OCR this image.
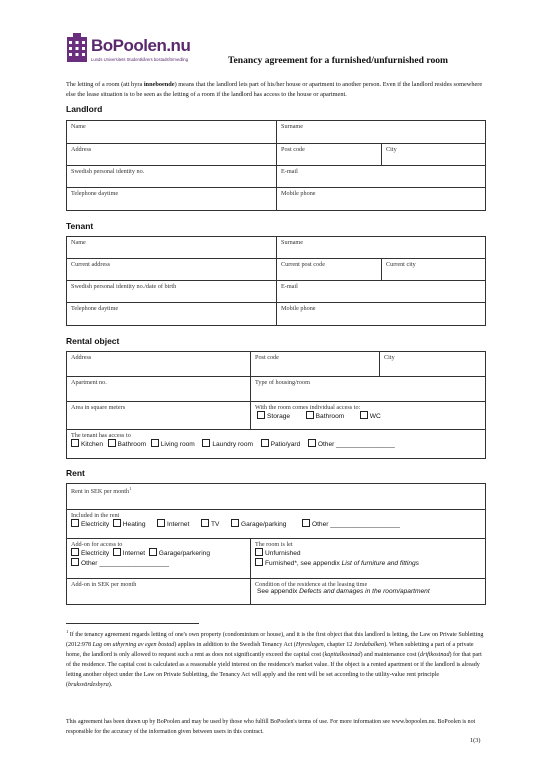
BoPoolen.nu
Lunds Universitets Studentkårers bostadsförmedling	Tenancy agreement for a furnished/unfurnished room
The letting of a room (att hyra inneboende) means that the landlord lets part of his/her house or apartment to another person. Even if the landlord resides somewhere else the lease situation is to be seen as the letting of a room if the landlord has access to the house or apartment.
Landlord
Name	Surname	
Address	Post code	City
Swedish personal identity no.	E-mail	
Telephone daytime	Mobile phone	
Tenant
Name	Surname	
Current address	Current post code	Current city
Swedish personal identity no./date of birth	E-mail	
Telephone daytime	Mobile phone	
Rental object
Address	Post code	City
Apartment no.	Type of housing/room	
Area in square meters	With the room comes individual access to:
Storage Bathroom WC	

The tenant has access to
Kitchen Bathroom Living room Laundry room Patio/yard Other ________________		
Rent
Rent in SEK per month$^1$

Included in the rent
Electricity Heating Internet TV Garage/parking Other ___________________	

Add-on for access to
Electricity Internet Garage/parkering
Other ___________________	The room is let
Unfurnished
Furnished*, see appendix List of furniture and fittings
Add-on in SEK per month	Condition of the residence at the leasing time
See appendix Defects and damages in the room/apartment
$^1$ If the tenancy agreement regards letting of one's own property (condominium or house), and it is the first object that this landlord is letting, the Law on Private Subletting (2012:978 Lag om uthyrning av egen bostad) applies in addition to the Swedish Tenancy Act (Hyreslagen, chapter 12 Jordabalken). When subletting a part of a private home, the landlord is only allowed to request such a rent as does not significantly exceed the capital cost (kapitalkostnad) and maintenance cost (driftkostnad) for that part of the residence. The capital cost is calculated as a reasonable yield interest on the residence's market value. If the object is a rented apartment or if the landlord is already letting another object under the Law on Private Subletting, the Tenancy Act will apply and the rent will be set according to the utility-value rent principle (bruksvärdesbyra).
This agreement has been drawn up by BoPoolen and may be used by those who fulfill BoPoolen's terms of use. For more information see www.bopoolen.nu. BoPoolen is not responsible for the accuracy of the information given between users in this contract.
1(3)
